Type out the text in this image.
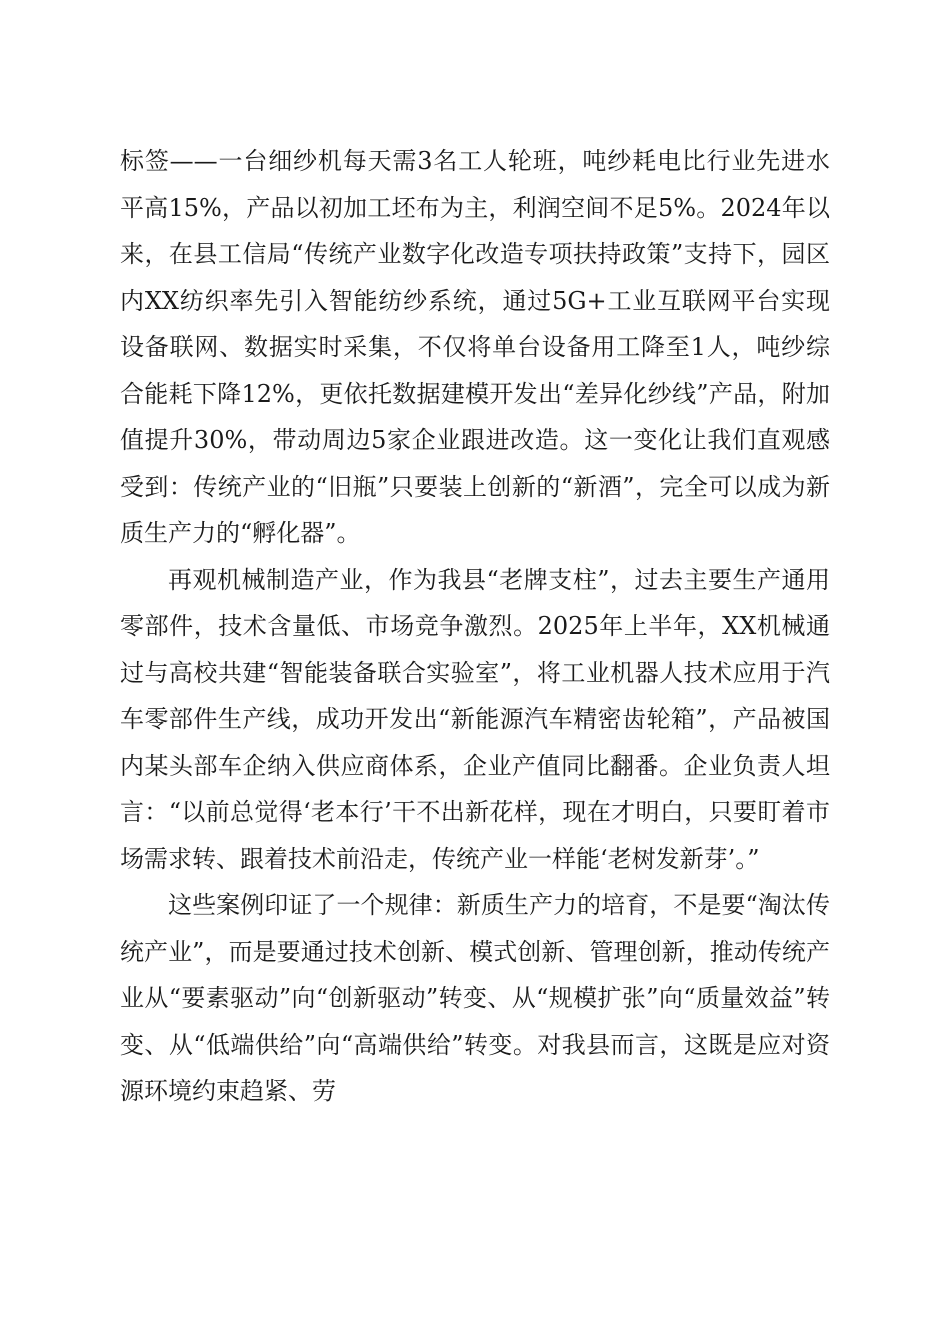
标签——一台细纱机每天需3名工人轮班，吨纱耗电比行业先进水平高15%，产品以初加工坯布为主，利润空间不足5%。2024年以来，在县工信局“传统产业数字化改造专项扶持政策”支持下，园区内XX纺织率先引入智能纺纱系统，通过5G+工业互联网平台实现设备联网、数据实时采集，不仅将单台设备用工降至1人，吨纱综合能耗下降12%，更依托数据建模开发出“差异化纱线”产品，附加值提升30%，带动周边5家企业跟进改造。这一变化让我们直观感受到：传统产业的“旧瓶”只要装上创新的“新酒”，完全可以成为新质生产力的“孵化器”。

再观机械制造产业，作为我县“老牌支柱”，过去主要生产通用零部件，技术含量低、市场竞争激烈。2025年上半年，XX机械通过与高校共建“智能装备联合实验室”，将工业机器人技术应用于汽车零部件生产线，成功开发出“新能源汽车精密齿轮箱”，产品被国内某头部车企纳入供应商体系，企业产值同比翻番。企业负责人坦言：“以前总觉得‘老本行’干不出新花样，现在才明白，只要盯着市场需求转、跟着技术前沿走，传统产业一样能‘老树发新芽’。”

这些案例印证了一个规律：新质生产力的培育，不是要“淘汰传统产业”，而是要通过技术创新、模式创新、管理创新，推动传统产业从“要素驱动”向“创新驱动”转变、从“规模扩张”向“质量效益”转变、从“低端供给”向“高端供给”转变。对我县而言，这既是应对资源环境约束趋紧、劳
